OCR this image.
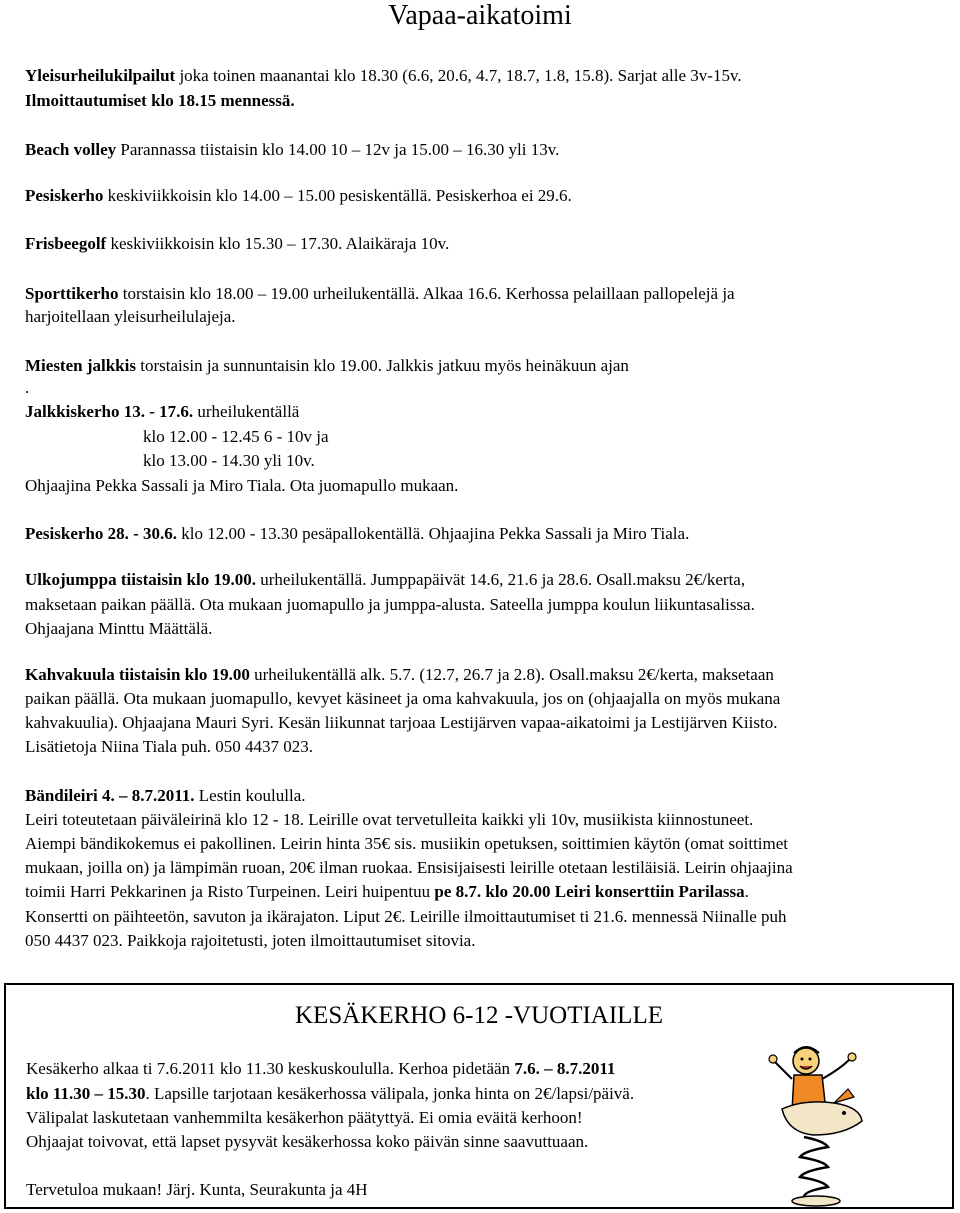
Vapaa-aikatoimi
Yleisurheilukilpailut joka toinen maanantai klo 18.30 (6.6, 20.6, 4.7, 18.7, 1.8, 15.8). Sarjat alle 3v-15v.
Ilmoittautumiset klo 18.15 mennessä.
Beach volley Parannassa tiistaisin klo 14.00 10 – 12v ja 15.00 – 16.30 yli 13v.
Pesiskerho keskiviikkoisin klo 14.00 – 15.00 pesiskentällä. Pesiskerhoa ei 29.6.
Frisbeegolf keskiviikkoisin klo 15.30 – 17.30. Alaikäraja 10v.
Sporttikerho torstaisin klo 18.00 – 19.00 urheilukentällä. Alkaa 16.6. Kerhossa pelaillaan pallopelejä ja
harjoitellaan yleisurheilulajeja.
Miesten jalkkis torstaisin ja sunnuntaisin klo 19.00. Jalkkis jatkuu myös heinäkuun ajan
.
Jalkkiskerho 13. - 17.6. urheilukentällä
klo 12.00 - 12.45 6 - 10v ja
klo 13.00 - 14.30 yli 10v.
Ohjaajina Pekka Sassali ja Miro Tiala. Ota juomapullo mukaan.
Pesiskerho 28. - 30.6. klo 12.00 - 13.30 pesäpallokentällä. Ohjaajina Pekka Sassali ja Miro Tiala.
Ulkojumppa tiistaisin klo 19.00. urheilukentällä. Jumppapäivät 14.6, 21.6 ja 28.6. Osall.maksu 2€/kerta,
maksetaan paikan päällä. Ota mukaan juomapullo ja jumppa-alusta. Sateella jumppa koulun liikuntasalissa.
Ohjaajana Minttu Määttälä.
Kahvakuula tiistaisin klo 19.00 urheilukentällä alk. 5.7. (12.7, 26.7 ja 2.8). Osall.maksu 2€/kerta, maksetaan
paikan päällä. Ota mukaan juomapullo, kevyet käsineet ja oma kahvakuula, jos on (ohjaajalla on myös mukana
kahvakuulia). Ohjaajana Mauri Syri. Kesän liikunnat tarjoaa Lestijärven vapaa-aikatoimi ja Lestijärven Kiisto.
Lisätietoja Niina Tiala puh. 050 4437 023.
Bändileiri 4. – 8.7.2011. Lestin koululla.
Leiri toteutetaan päiväleirinä klo 12 - 18. Leirille ovat tervetulleita kaikki yli 10v, musiikista kiinnostuneet.
Aiempi bändikokemus ei pakollinen. Leirin hinta 35€ sis. musiikin opetuksen, soittimien käytön (omat soittimet
mukaan, joilla on) ja lämpimän ruoan, 20€ ilman ruokaa. Ensisijaisesti leirille otetaan lestiläisiä. Leirin ohjaajina
toimii Harri Pekkarinen ja Risto Turpeinen. Leiri huipentuu pe 8.7. klo 20.00 Leiri konserttiin Parilassa.
Konsertti on päihteetön, savuton ja ikärajaton. Liput 2€. Leirille ilmoittautumiset ti 21.6. mennessä Niinalle puh
050 4437 023. Paikkoja rajoitetusti, joten ilmoittautumiset sitovia.
KESÄKERHO 6-12 -VUOTIAILLE
Kesäkerho alkaa ti 7.6.2011 klo 11.30 keskuskoululla. Kerhoa pidetään 7.6. – 8.7.2011
klo 11.30 – 15.30. Lapsille tarjotaan kesäkerhossa välipala, jonka hinta on 2€/lapsi/päivä.
Välipalat laskutetaan vanhemmilta kesäkerhon päätyttyä. Ei omia eväitä kerhoon!
Ohjaajat toivovat, että lapset pysyvät kesäkerhossa koko päivän sinne saavuttuaan.
Tervetuloa mukaan! Järj. Kunta, Seurakunta ja 4H
